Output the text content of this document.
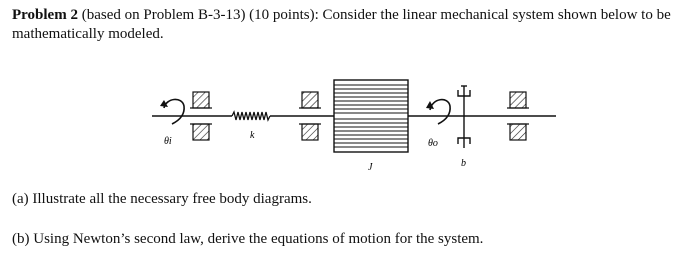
Problem 2 (based on Problem B-3-13) (10 points): Consider the linear mechanical system shown below to be mathematically modeled.

θi
k
J
θo
b

(a) Illustrate all the necessary free body diagrams.

(b) Using Newton’s second law, derive the equations of motion for the system.
